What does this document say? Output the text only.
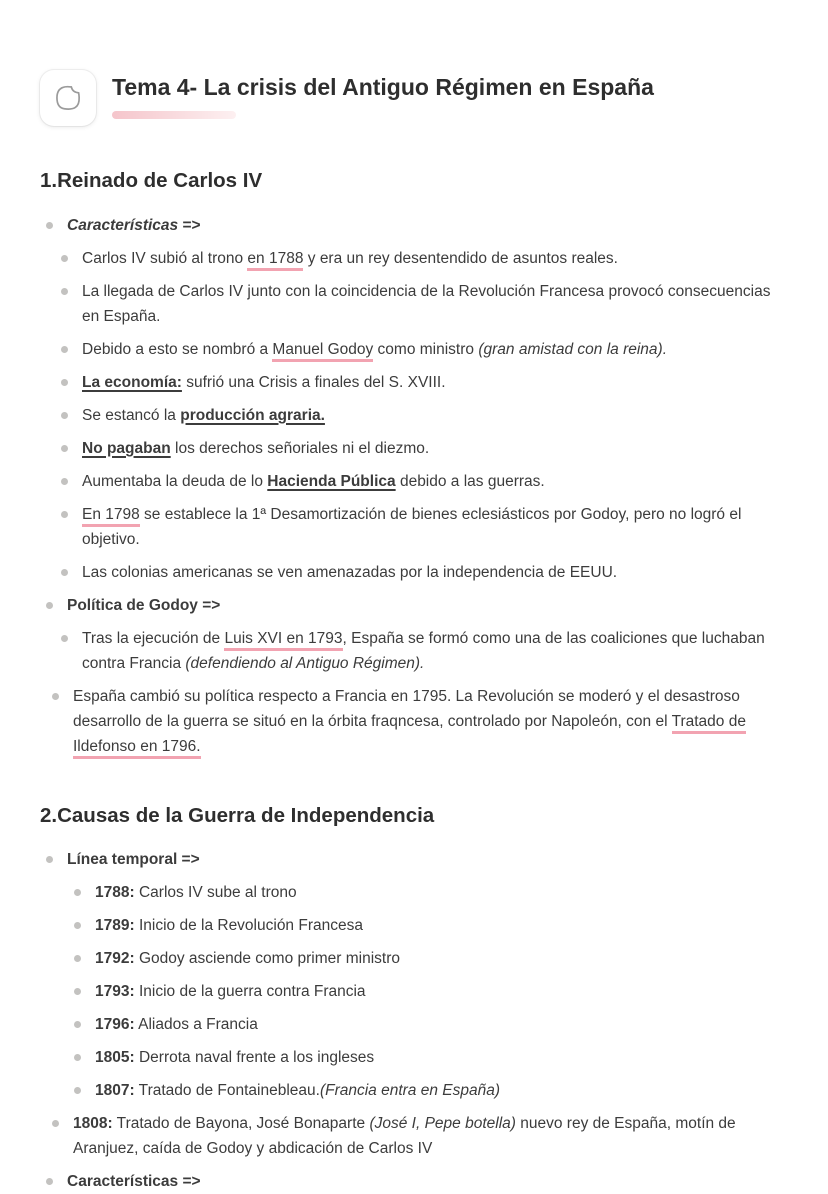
Tema 4- La crisis del Antiguo Régimen en España
1.Reinado de Carlos IV
Características =>
Carlos IV subió al trono en 1788 y era un rey desentendido de asuntos reales.
La llegada de Carlos IV junto con la coincidencia de la Revolución Francesa provocó consecuencias en España.
Debido a esto se nombró a Manuel Godoy como ministro (gran amistad con la reina).
La economía: sufrió una Crisis a finales del S. XVIII.
Se estancó la producción agraria.
No pagaban los derechos señoriales ni el diezmo.
Aumentaba la deuda de lo Hacienda Pública debido a las guerras.
En 1798 se establece la 1ª Desamortización de bienes eclesiásticos por Godoy, pero no logró el objetivo.
Las colonias americanas se ven amenazadas por la independencia de EEUU.
Política de Godoy =>
Tras la ejecución de Luis XVI en 1793, España se formó como una de las coaliciones que luchaban contra Francia (defendiendo al Antiguo Régimen).
España cambió su política respecto a Francia en 1795. La Revolución se moderó y el desastroso desarrollo de la guerra se situó en la órbita fraqncesa, controlado por Napoleón, con el Tratado de Ildefonso en 1796.
2.Causas de la Guerra de Independencia
Línea temporal =>
1788: Carlos IV sube al trono
1789: Inicio de la Revolución Francesa
1792: Godoy asciende como primer ministro
1793: Inicio de la guerra contra Francia
1796: Aliados a Francia
1805: Derrota naval frente a los ingleses
1807: Tratado de Fontainebleau.(Francia entra en España)
1808: Tratado de Bayona, José Bonaparte (José I, Pepe botella) nuevo rey de España, motín de Aranjuez, caída de Godoy y abdicación de Carlos IV
Características =>
